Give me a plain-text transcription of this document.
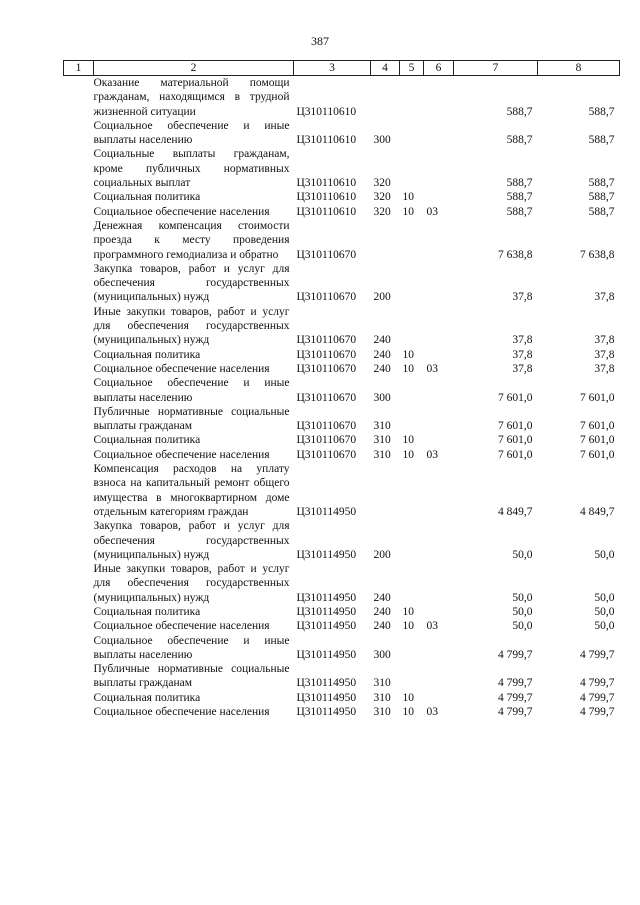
387
1	2	3	4	5	6	7	8
	Оказание материальной помощи гражданам, находящимся в трудной жизненной ситуации	Ц310110610				588,7	588,7
	Социальное обеспечение и иные выплаты населению	Ц310110610	300			588,7	588,7
	Социальные выплаты гражданам, кроме публичных нормативных социальных выплат	Ц310110610	320			588,7	588,7
	Социальная политика	Ц310110610	320	10		588,7	588,7
	Социальное обеспечение населения	Ц310110610	320	10	03	588,7	588,7
	Денежная компенсация стоимости проезда к месту проведения программного гемодиализа и обратно	Ц310110670				7 638,8	7 638,8
	Закупка товаров, работ и услуг для обеспечения государственных (муниципальных) нужд	Ц310110670	200			37,8	37,8
	Иные закупки товаров, работ и услуг для обеспечения государственных (муниципальных) нужд	Ц310110670	240			37,8	37,8
	Социальная политика	Ц310110670	240	10		37,8	37,8
	Социальное обеспечение населения	Ц310110670	240	10	03	37,8	37,8
	Социальное обеспечение и иные выплаты населению	Ц310110670	300			7 601,0	7 601,0
	Публичные нормативные социальные выплаты гражданам	Ц310110670	310			7 601,0	7 601,0
	Социальная политика	Ц310110670	310	10		7 601,0	7 601,0
	Социальное обеспечение населения	Ц310110670	310	10	03	7 601,0	7 601,0
	Компенсация расходов на уплату взноса на капитальный ремонт общего имущества в многоквартирном доме отдельным категориям граждан	Ц310114950				4 849,7	4 849,7
	Закупка товаров, работ и услуг для обеспечения государственных (муниципальных) нужд	Ц310114950	200			50,0	50,0
	Иные закупки товаров, работ и услуг для обеспечения государственных (муниципальных) нужд	Ц310114950	240			50,0	50,0
	Социальная политика	Ц310114950	240	10		50,0	50,0
	Социальное обеспечение населения	Ц310114950	240	10	03	50,0	50,0
	Социальное обеспечение и иные выплаты населению	Ц310114950	300			4 799,7	4 799,7
	Публичные нормативные социальные выплаты гражданам	Ц310114950	310			4 799,7	4 799,7
	Социальная политика	Ц310114950	310	10		4 799,7	4 799,7
	Социальное обеспечение населения	Ц310114950	310	10	03	4 799,7	4 799,7
